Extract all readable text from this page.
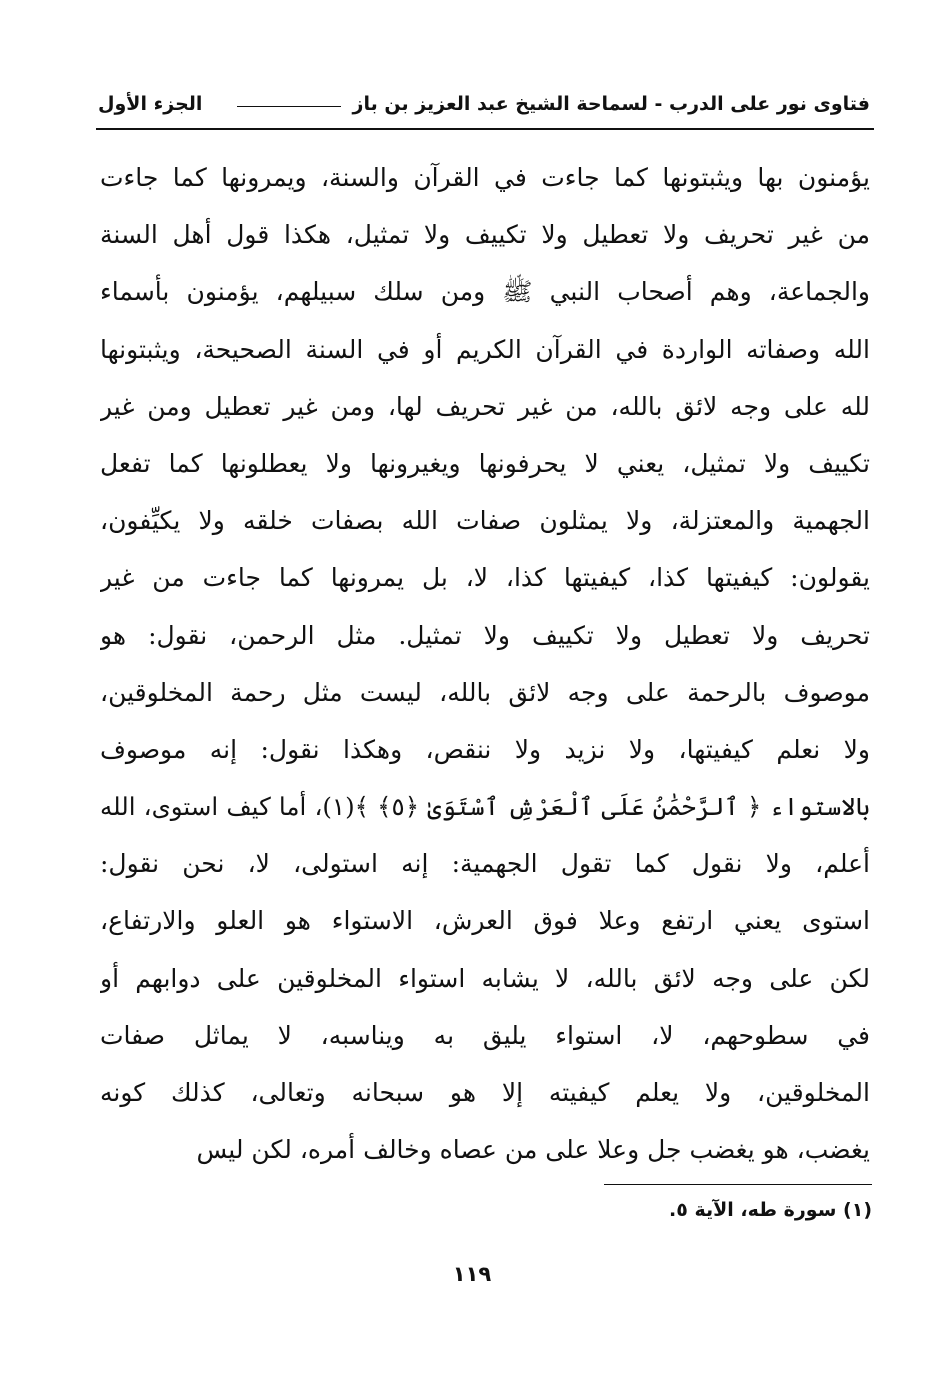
فتاوى نور على الدرب - لسماحة الشيخ عبد العزيز بن باز
الجزء الأول
يؤمنون بها ويثبتونها كما جاءت في القرآن والسنة، ويمرونها كما جاءت
من غير تحريف ولا تعطيل ولا تكييف ولا تمثيل، هكذا قول أهل السنة
والجماعة، وهم أصحاب النبي ﷺ ومن سلك سبيلهم، يؤمنون بأسماء
الله وصفاته الواردة في القرآن الكريم أو في السنة الصحيحة، ويثبتونها
لله على وجه لائق بالله، من غير تحريف لها، ومن غير تعطيل ومن غير
تكييف ولا تمثيل، يعني لا يحرفونها ويغيرونها ولا يعطلونها كما تفعل
الجهمية والمعتزلة، ولا يمثلون صفات الله بصفات خلقه ولا يكيِّفون،
يقولون: كيفيتها كذا، كيفيتها كذا، لا، بل يمرونها كما جاءت من غير
تحريف ولا تعطيل ولا تكييف ولا تمثيل. مثل الرحمن، نقول: هو
موصوف بالرحمة على وجه لائق بالله، ليست مثل رحمة المخلوقين،
ولا نعلم كيفيتها، ولا نزيد ولا ننقص، وهكذا نقول: إنه موصوف
بالاستواء ﴿ ٱلرَّحْمَٰنُ عَلَى ٱلْعَرْشِ ٱسْتَوَىٰ ﴿٥﴾ ﴾(١)، أما كيف استوى، الله
أعلم، ولا نقول كما تقول الجهمية: إنه استولى، لا، نحن نقول:
استوى يعني ارتفع وعلا فوق العرش، الاستواء هو العلو والارتفاع،
لكن على وجه لائق بالله، لا يشابه استواء المخلوقين على دوابهم أو
في سطوحهم، لا، استواء يليق به ويناسبه، لا يماثل صفات
المخلوقين، ولا يعلم كيفيته إلا هو سبحانه وتعالى، كذلك كونه
يغضب، هو يغضب جل وعلا على من عصاه وخالف أمره، لكن ليس
(١) سورة طه، الآية ٥.
١١٩
